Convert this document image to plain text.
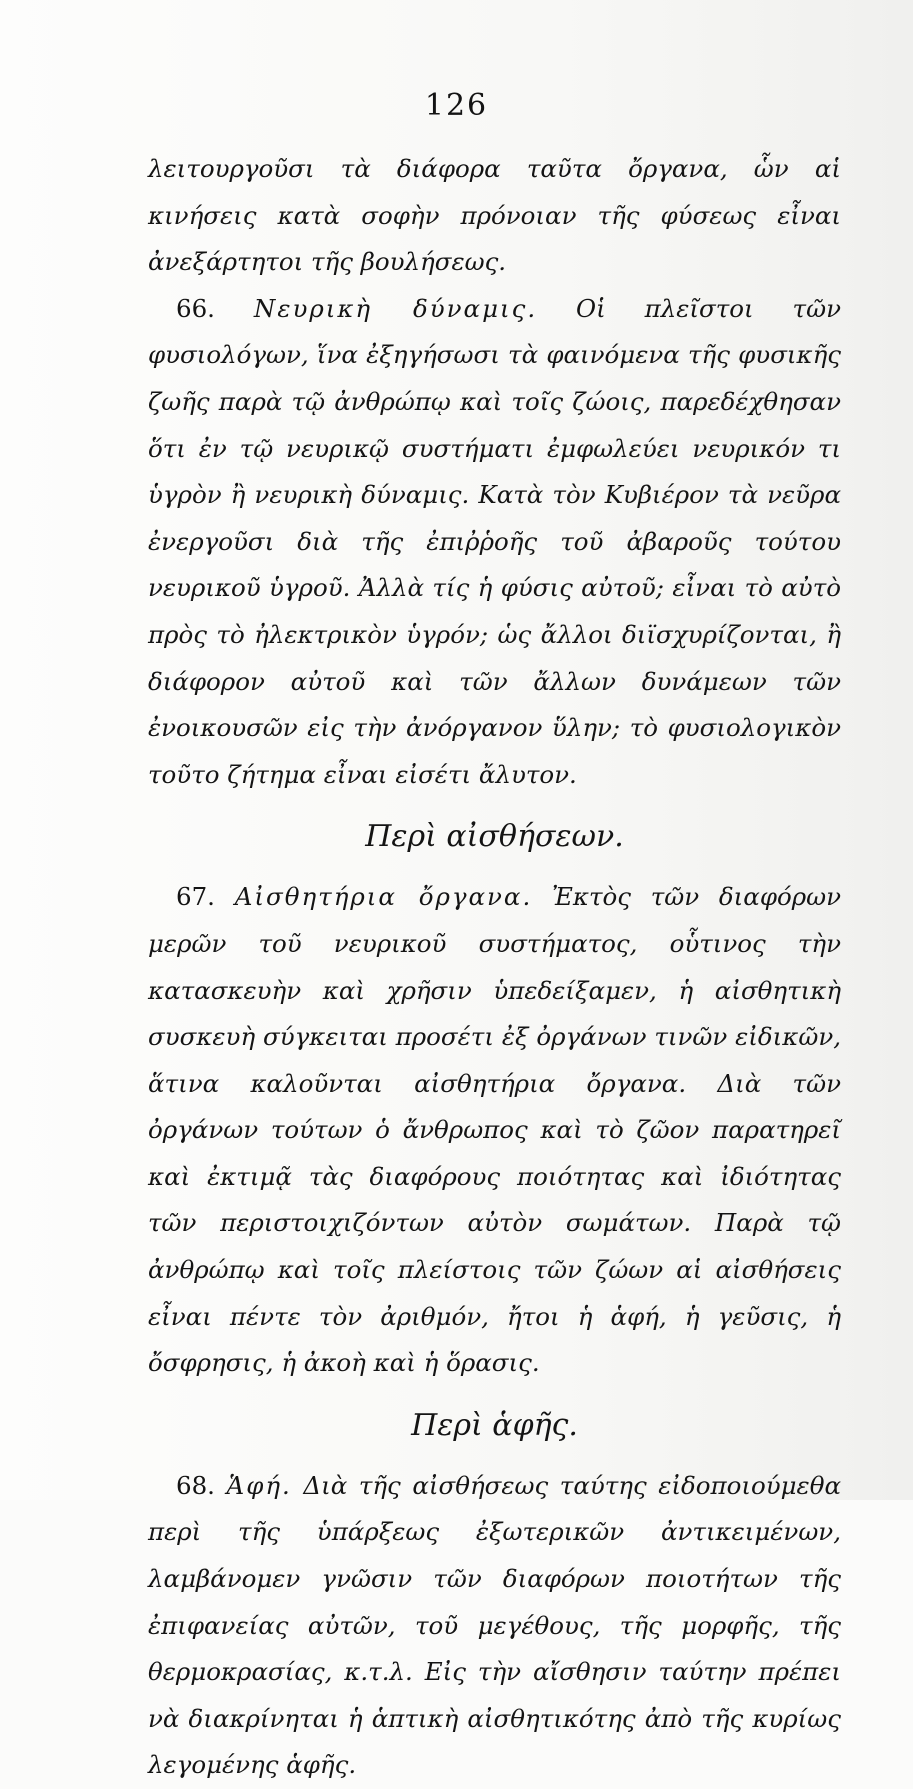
126

λειτουργοῦσι τὰ διάφορα ταῦτα ὄργανα, ὧν αἱ κινήσεις κατὰ σοφὴν πρόνοιαν τῆς φύσεως εἶναι ἀνεξάρτητοι τῆς βουλήσεως.

66. Νευρικὴ δύναμις. Οἱ πλεῖστοι τῶν φυσιολόγων, ἵνα ἐξηγήσωσι τὰ φαινόμενα τῆς φυσικῆς ζωῆς παρὰ τῷ ἀνθρώπῳ καὶ τοῖς ζώοις, παρεδέχθησαν ὅτι ἐν τῷ νευρικῷ συστήματι ἐμφωλεύει νευρικόν τι ὑγρὸν ἢ νευρικὴ δύναμις. Κατὰ τὸν Κυβιέρον τὰ νεῦρα ἐνεργοῦσι διὰ τῆς ἐπιῤῥοῆς τοῦ ἀβαροῦς τούτου νευρικοῦ ὑγροῦ. Ἀλλὰ τίς ἡ φύσις αὐτοῦ; εἶναι τὸ αὐτὸ πρὸς τὸ ἠλεκτρικὸν ὑγρόν; ὡς ἄλλοι διϊσχυρίζονται, ἢ διάφορον αὐτοῦ καὶ τῶν ἄλλων δυνάμεων τῶν ἐνοικουσῶν εἰς τὴν ἀνόργανον ὕλην; τὸ φυσιολογικὸν τοῦτο ζήτημα εἶναι εἰσέτι ἄλυτον.

Περὶ αἰσθήσεων.

67. Αἰσθητήρια ὄργανα. Ἐκτὸς τῶν διαφόρων μερῶν τοῦ νευρικοῦ συστήματος, οὗτινος τὴν κατασκευὴν καὶ χρῆσιν ὑπεδείξαμεν, ἡ αἰσθητικὴ συσκευὴ σύγκειται προσέτι ἐξ ὀργάνων τινῶν εἰδικῶν, ἅτινα καλοῦνται αἰσθητήρια ὄργανα. Διὰ τῶν ὀργάνων τούτων ὁ ἄνθρωπος καὶ τὸ ζῶον παρατηρεῖ καὶ ἐκτιμᾷ τὰς διαφόρους ποιότητας καὶ ἰδιότητας τῶν περιστοιχιζόντων αὐτὸν σωμάτων. Παρὰ τῷ ἀνθρώπῳ καὶ τοῖς πλείστοις τῶν ζώων αἱ αἰσθήσεις εἶναι πέντε τὸν ἀριθμόν, ἤτοι ἡ ἁφή, ἡ γεῦσις, ἡ ὄσφρησις, ἡ ἀκοὴ καὶ ἡ ὅρασις.

Περὶ ἁφῆς.

68. Ἁφή. Διὰ τῆς αἰσθήσεως ταύτης εἰδοποιούμεθα περὶ τῆς ὑπάρξεως ἐξωτερικῶν ἀντικειμένων, λαμβάνομεν γνῶσιν τῶν διαφόρων ποιοτήτων τῆς ἐπιφανείας αὐτῶν, τοῦ μεγέθους, τῆς μορφῆς, τῆς θερμοκρασίας, κ.τ.λ. Εἰς τὴν αἴσθησιν ταύτην πρέπει νὰ διακρίνηται ἡ ἁπτικὴ αἰσθητικότης ἀπὸ τῆς κυρίως λεγομένης ἁφῆς.
